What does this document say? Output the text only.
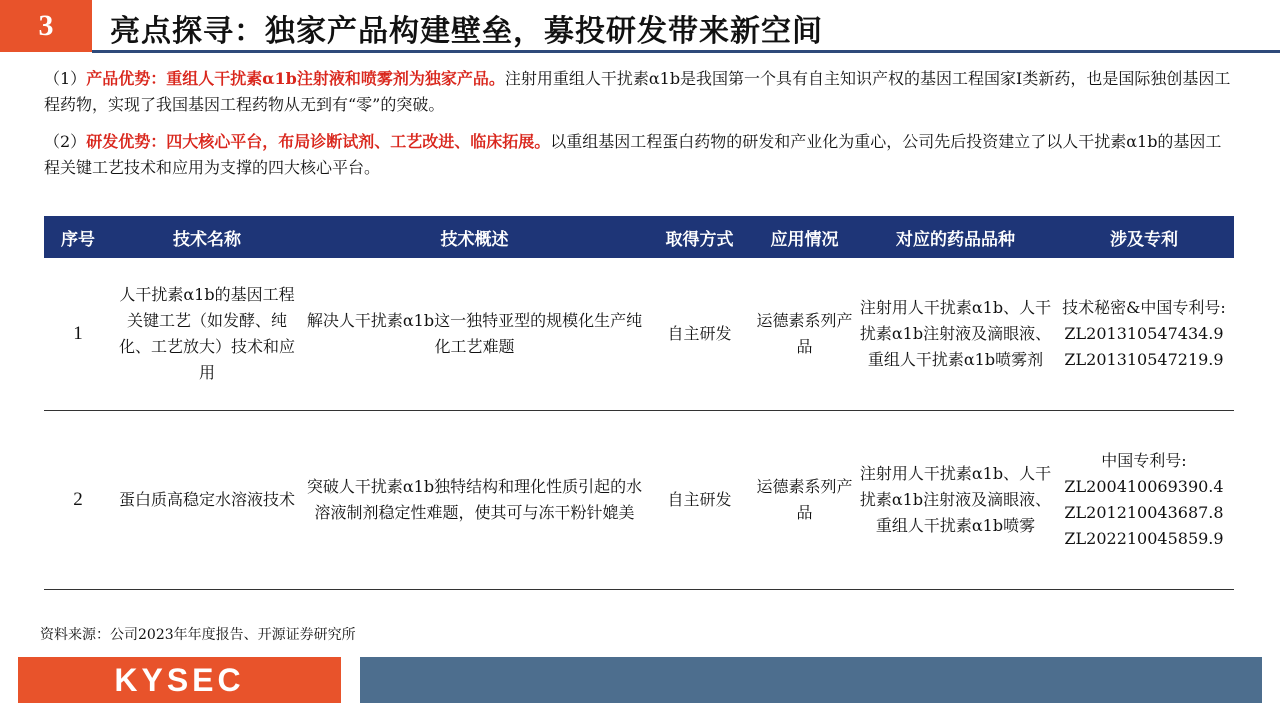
3	亮点探寻：独家产品构建壁垒，募投研发带来新空间
（1）产品优势：重组人干扰素α1b注射液和喷雾剂为独家产品。注射用重组人干扰素α1b是我国第一个具有自主知识产权的基因工程国家I类新药，也是国际独创基因工程药物，实现了我国基因工程药物从无到有“零”的突破。
（2）研发优势：四大核心平台，布局诊断试剂、工艺改进、临床拓展。以重组基因工程蛋白药物的研发和产业化为重心，公司先后投资建立了以人干扰素α1b的基因工程关键工艺技术和应用为支撑的四大核心平台。
序号	技术名称	技术概述	取得方式	应用情况	对应的药品品种	涉及专利
1	人干扰素α1b的基因工程关键工艺（如发酵、纯化、工艺放大）技术和应用	解决人干扰素α1b这一独特亚型的规模化生产纯化工艺难题	自主研发	运德素系列产品	注射用人干扰素α1b、人干扰素α1b注射液及滴眼液、重组人干扰素α1b喷雾剂	技术秘密&中国专利号:
ZL201310547434.9
ZL201310547219.9

2	蛋白质高稳定水溶液技术	突破人干扰素α1b独特结构和理化性质引起的水溶液制剂稳定性难题，使其可与冻干粉针媲美	自主研发	运德素系列产品	注射用人干扰素α1b、人干扰素α1b注射液及滴眼液、重组人干扰素α1b喷雾	中国专利号:
ZL200410069390.4
ZL201210043687.8
ZL202210045859.9
资料来源：公司2023年年度报告、开源证券研究所
KYSEC
